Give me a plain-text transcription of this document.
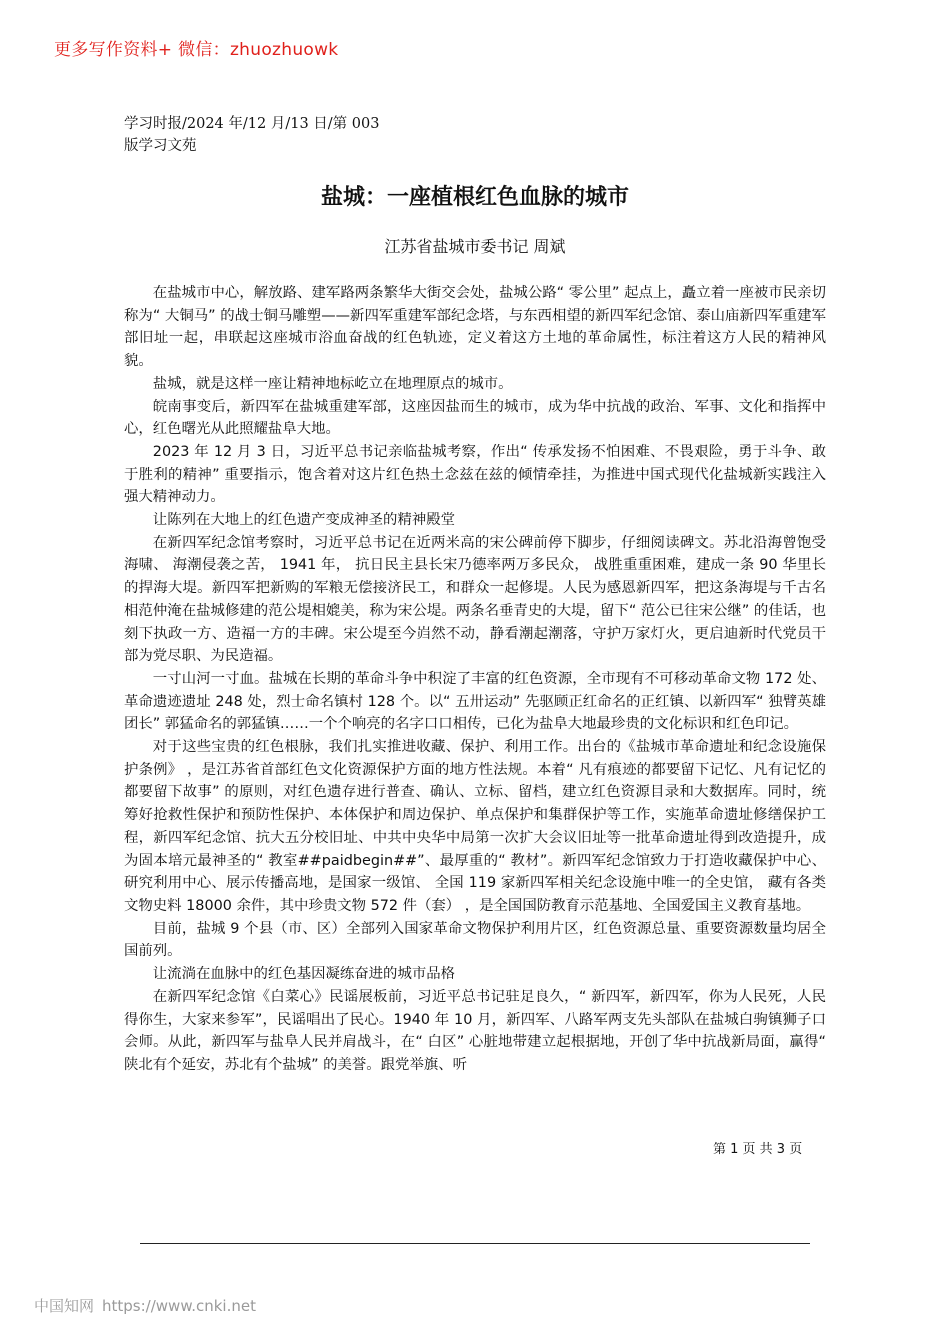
更多写作资料+ 微信：zhuozhuowk
学习时报/2024 年/12 月/13 日/第 003
版学习文苑
盐城：一座植根红色血脉的城市
江苏省盐城市委书记 周斌

在盐城市中心，解放路、建军路两条繁华大街交会处，盐城公路“ 零公里” 起点上，矗立着一座被市民亲切称为“ 大铜马” 的战士铜马雕塑——新四军重建军部纪念塔，与东西相望的新四军纪念馆、泰山庙新四军重建军部旧址一起，串联起这座城市浴血奋战的红色轨迹，定义着这方土地的革命属性，标注着这方人民的精神风貌。

盐城，就是这样一座让精神地标屹立在地理原点的城市。

皖南事变后，新四军在盐城重建军部，这座因盐而生的城市，成为华中抗战的政治、军事、文化和指挥中心，红色曙光从此照耀盐阜大地。

2023 年 12 月 3 日，习近平总书记亲临盐城考察，作出“ 传承发扬不怕困难、不畏艰险，勇于斗争、敢于胜利的精神” 重要指示，饱含着对这片红色热土念兹在兹的倾情牵挂，为推进中国式现代化盐城新实践注入强大精神动力。

让陈列在大地上的红色遗产变成神圣的精神殿堂

在新四军纪念馆考察时，习近平总书记在近两米高的宋公碑前停下脚步，仔细阅读碑文。苏北沿海曾饱受海啸、 海潮侵袭之苦， 1941 年， 抗日民主县长宋乃德率两万多民众， 战胜重重困难，建成一条 90 华里长的捍海大堤。新四军把新购的军粮无偿接济民工，和群众一起修堤。人民为感恩新四军，把这条海堤与千古名相范仲淹在盐城修建的范公堤相媲美，称为宋公堤。两条名垂青史的大堤，留下“ 范公已往宋公继” 的佳话，也刻下执政一方、造福一方的丰碑。宋公堤至今岿然不动，静看潮起潮落，守护万家灯火，更启迪新时代党员干部为党尽职、为民造福。

一寸山河一寸血。盐城在长期的革命斗争中积淀了丰富的红色资源，全市现有不可移动革命文物 172 处、革命遗迹遗址 248 处，烈士命名镇村 128 个。以“ 五卅运动” 先驱顾正红命名的正红镇、以新四军“ 独臂英雄团长” 郭猛命名的郭猛镇……一个个响亮的名字口口相传，已化为盐阜大地最珍贵的文化标识和红色印记。

对于这些宝贵的红色根脉，我们扎实推进收藏、保护、利用工作。出台的《盐城市革命遗址和纪念设施保护条例》 ，是江苏省首部红色文化资源保护方面的地方性法规。本着“ 凡有痕迹的都要留下记忆、凡有记忆的都要留下故事” 的原则，对红色遗存进行普查、确认、立标、留档，建立红色资源目录和大数据库。同时，统筹好抢救性保护和预防性保护、本体保护和周边保护、单点保护和集群保护等工作，实施革命遗址修缮保护工程，新四军纪念馆、抗大五分校旧址、中共中央华中局第一次扩大会议旧址等一批革命遗址得到改造提升，成为固本培元最神圣的“ 教室##paidbegin##”、最厚重的“ 教材”。新四军纪念馆致力于打造收藏保护中心、研究利用中心、展示传播高地，是国家一级馆、 全国 119 家新四军相关纪念设施中唯一的全史馆， 藏有各类文物史料 18000 余件，其中珍贵文物 572 件（套） ，是全国国防教育示范基地、全国爱国主义教育基地。

目前，盐城 9 个县（市、区）全部列入国家革命文物保护利用片区，红色资源总量、重要资源数量均居全国前列。

让流淌在血脉中的红色基因凝练奋进的城市品格

在新四军纪念馆《白菜心》民谣展板前，习近平总书记驻足良久，“ 新四军，新四军，你为人民死，人民得你生，大家来参军”，民谣唱出了民心。1940 年 10 月，新四军、八路军两支先头部队在盐城白驹镇狮子口会师。从此，新四军与盐阜人民并肩战斗，在“ 白区” 心脏地带建立起根据地，开创了华中抗战新局面，赢得“ 陕北有个延安，苏北有个盐城” 的美誉。跟党举旗、听

第 1 页 共 3 页
中国知网 https://www.cnki.net
